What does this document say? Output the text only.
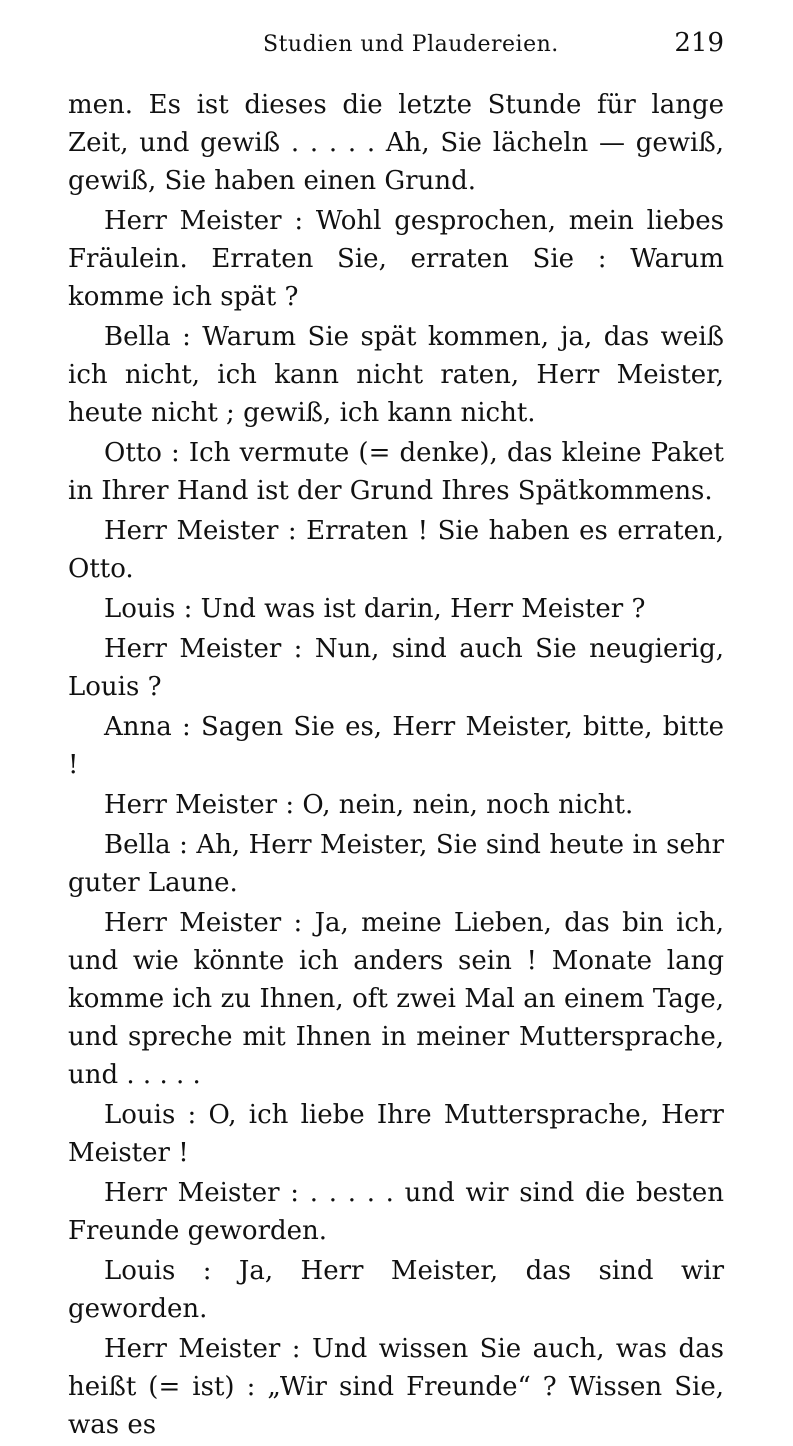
Studien und Plaudereien.	219

men. Es ist dieses die letzte Stunde für lange Zeit, und gewiß . . . . . Ah, Sie lächeln — gewiß, gewiß, Sie haben einen Grund.

Herr Meister : Wohl gesprochen, mein liebes Fräulein. Erraten Sie, erraten Sie : Warum komme ich spät ?

Bella : Warum Sie spät kommen, ja, das weiß ich nicht, ich kann nicht raten, Herr Meister, heute nicht ; gewiß, ich kann nicht.

Otto : Ich vermute (= denke), das kleine Paket in Ihrer Hand ist der Grund Ihres Spätkommens.

Herr Meister : Erraten ! Sie haben es erraten, Otto.

Louis : Und was ist darin, Herr Meister ?

Herr Meister : Nun, sind auch Sie neugierig, Louis ?

Anna : Sagen Sie es, Herr Meister, bitte, bitte !

Herr Meister : O, nein, nein, noch nicht.

Bella : Ah, Herr Meister, Sie sind heute in sehr guter Laune.

Herr Meister : Ja, meine Lieben, das bin ich, und wie könnte ich anders sein ! Monate lang komme ich zu Ihnen, oft zwei Mal an einem Tage, und spreche mit Ihnen in meiner Muttersprache, und . . . . .

Louis : O, ich liebe Ihre Muttersprache, Herr Meister !

Herr Meister : . . . . . und wir sind die besten Freunde geworden.

Louis : Ja, Herr Meister, das sind wir geworden.

Herr Meister : Und wissen Sie auch, was das heißt (= ist) : „Wir sind Freunde“ ? Wissen Sie, was es
